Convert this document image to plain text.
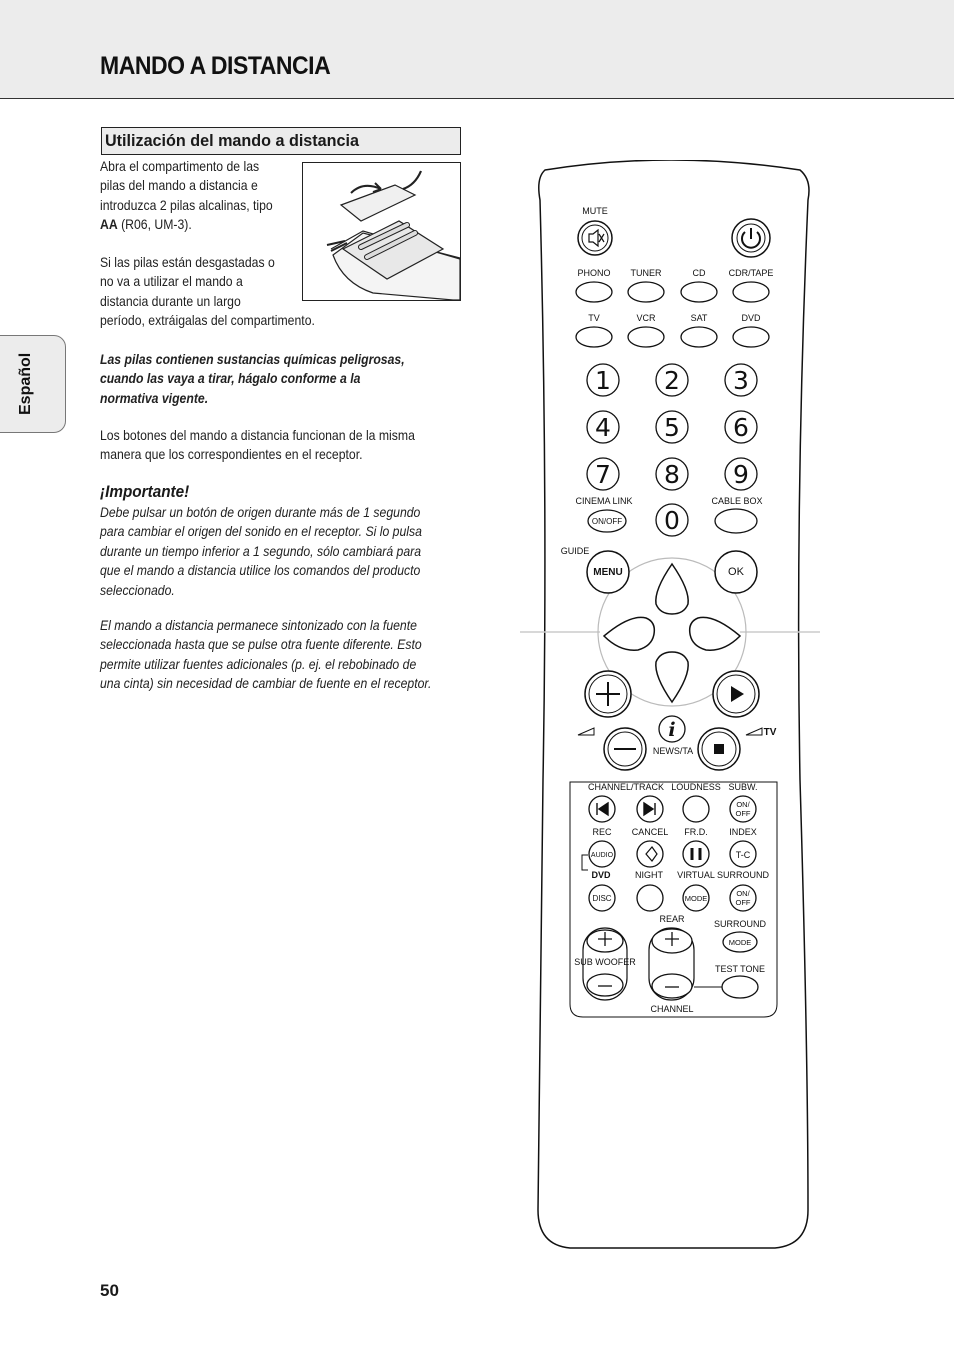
MANDO A DISTANCIA
Español
Utilización del mando a distancia
Abra el compartimento de las
pilas del mando a distancia e
introduzca 2 pilas alcalinas, tipo
AA (R06, UM-3).
Si las pilas están desgastadas o
no va a utilizar el mando a
distancia durante un largo
período, extráigalas del compartimento.
Las pilas contienen sustancias químicas peligrosas,
cuando las vaya a tirar, hágalo conforme a la
normativa vigente.
Los botones del mando a distancia funcionan de la misma
manera que los correspondientes en el receptor.
¡Importante!
Debe pulsar un botón de origen durante más de 1 segundo
para cambiar el origen del sonido en el receptor. Si lo pulsa
durante un tiempo inferior a 1 segundo, sólo cambiará para
que el mando a distancia utilice los comandos del producto
seleccionado.
El mando a distancia permanece sintonizado con la fuente
seleccionada hasta que se pulse otra fuente diferente. Esto
permite utilizar fuentes adicionales (p. ej. el rebobinado de
una cinta) sin necesidad de cambiar de fuente en el receptor.
50
MUTE
PHONO TUNER	CD	CDR/TAPE
TV	VCR	SAT	DVD
1 2 3
4 5 6
7 8 9
0
CINEMA LINK
ON/OFF
CABLE BOX
GUIDE
MENU	OK
i
NEWS/TA
TV
CHANNEL/TRACK LOUDNESS SUBW.
ON/
OFF
REC CANCEL FR.D. INDEX
AUDIO	T-C
DVD	NIGHT VIRTUAL SURROUND
DISC	MODE
ON/
OFF
REAR	SURROUND
SUB WOOFER
CHANNEL
MODE
TEST TONE
